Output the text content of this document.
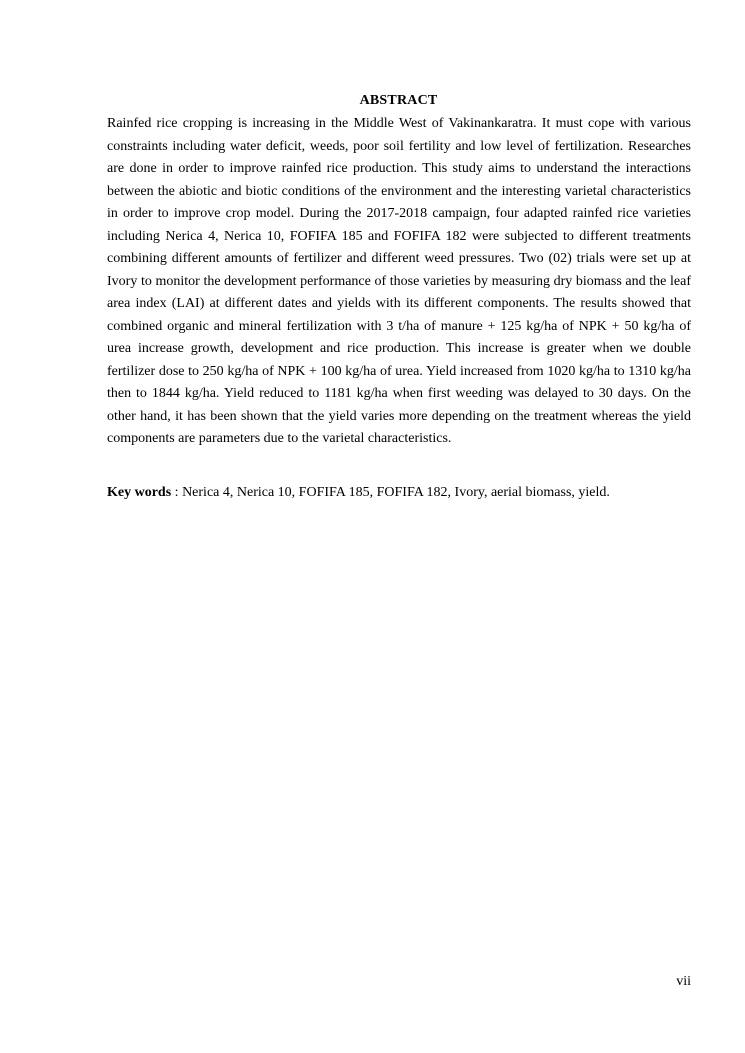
ABSTRACT

Rainfed rice cropping is increasing in the Middle West of Vakinankaratra. It must cope with various constraints including water deficit, weeds, poor soil fertility and low level of fertilization. Researches are done in order to improve rainfed rice production. This study aims to understand the interactions between the abiotic and biotic conditions of the environment and the interesting varietal characteristics in order to improve crop model. During the 2017-2018 campaign, four adapted rainfed rice varieties including Nerica 4, Nerica 10, FOFIFA 185 and FOFIFA 182 were subjected to different treatments combining different amounts of fertilizer and different weed pressures. Two (02) trials were set up at Ivory to monitor the development performance of those varieties by measuring dry biomass and the leaf area index (LAI) at different dates and yields with its different components. The results showed that combined organic and mineral fertilization with 3 t/ha of manure + 125 kg/ha of NPK + 50 kg/ha of urea increase growth, development and rice production. This increase is greater when we double fertilizer dose to 250 kg/ha of NPK + 100 kg/ha of urea. Yield increased from 1020 kg/ha to 1310 kg/ha then to 1844 kg/ha. Yield reduced to 1181 kg/ha when first weeding was delayed to 30 days. On the other hand, it has been shown that the yield varies more depending on the treatment whereas the yield components are parameters due to the varietal characteristics.

Key words : Nerica 4, Nerica 10, FOFIFA 185, FOFIFA 182, Ivory, aerial biomass, yield.

vii
